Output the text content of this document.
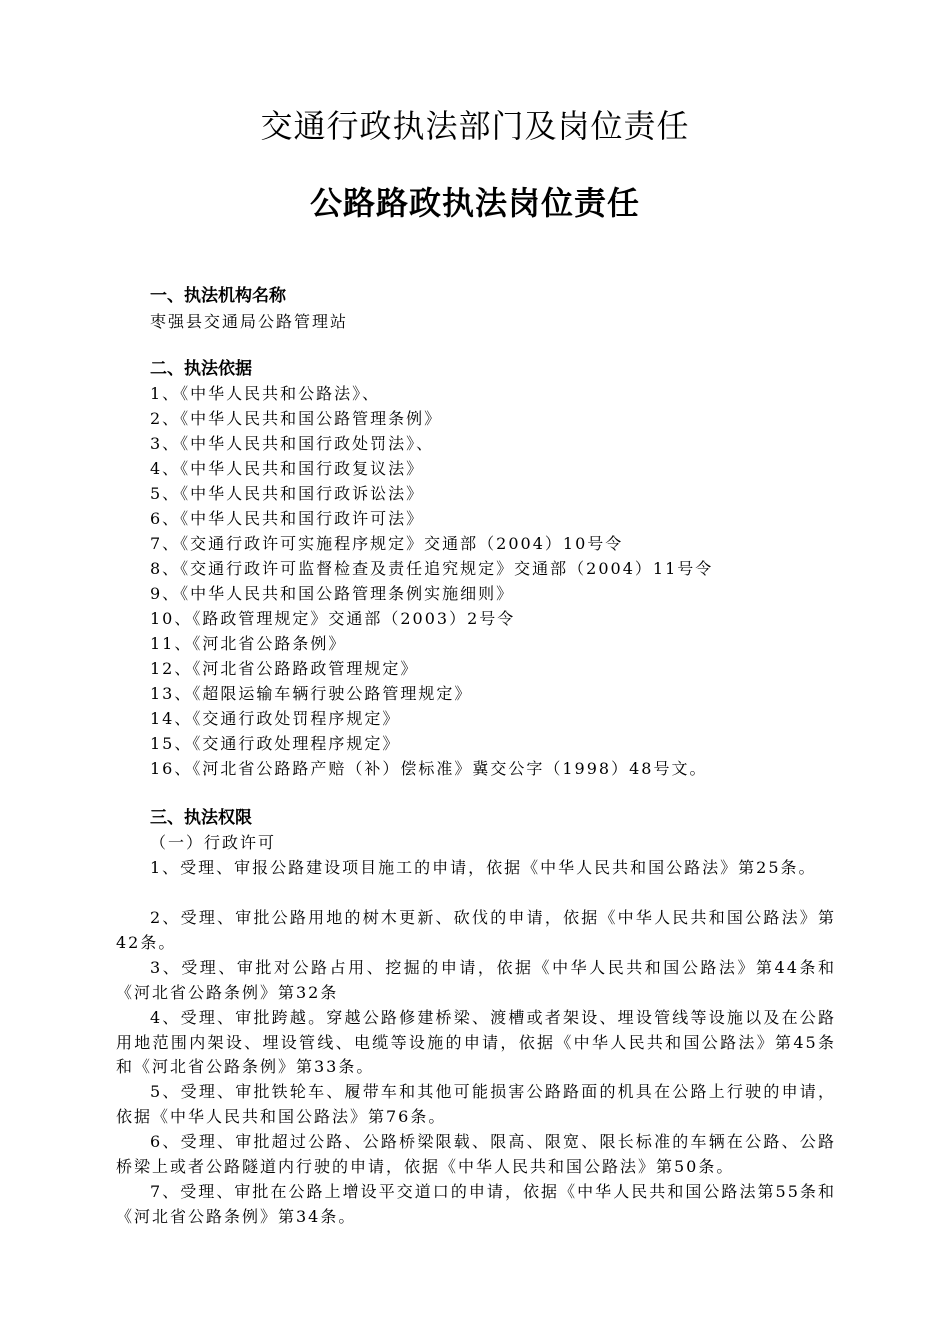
交通行政执法部门及岗位责任
公路路政执法岗位责任
一、执法机构名称
枣强县交通局公路管理站
二、执法依据
1、《中华人民共和公路法》、
2、《中华人民共和国公路管理条例》
3、《中华人民共和国行政处罚法》、
4、《中华人民共和国行政复议法》
5、《中华人民共和国行政诉讼法》
6、《中华人民共和国行政许可法》
7、《交通行政许可实施程序规定》交通部（2004）10号令
8、《交通行政许可监督检查及责任追究规定》交通部（2004）11号令
9、《中华人民共和国公路管理条例实施细则》
10、《路政管理规定》交通部（2003）2号令
11、《河北省公路条例》
12、《河北省公路路政管理规定》
13、《超限运输车辆行驶公路管理规定》
14、《交通行政处罚程序规定》
15、《交通行政处理程序规定》
16、《河北省公路路产赔（补）偿标准》冀交公字（1998）48号文。
三、执法权限
（一）行政许可
1、受理、审报公路建设项目施工的申请，依据《中华人民共和国公路法》第25条。
2、受理、审批公路用地的树木更新、砍伐的申请，依据《中华人民共和国公路法》第42条。
3、受理、审批对公路占用、挖掘的申请，依据《中华人民共和国公路法》第44条和《河北省公路条例》第32条
4、受理、审批跨越。穿越公路修建桥梁、渡槽或者架设、埋设管线等设施以及在公路用地范围内架设、埋设管线、电缆等设施的申请，依据《中华人民共和国公路法》第45条和《河北省公路条例》第33条。
5、受理、审批铁轮车、履带车和其他可能损害公路路面的机具在公路上行驶的申请，依据《中华人民共和国公路法》第76条。
6、受理、审批超过公路、公路桥梁限载、限高、限宽、限长标准的车辆在公路、公路桥梁上或者公路隧道内行驶的申请，依据《中华人民共和国公路法》第50条。
7、受理、审批在公路上增设平交道口的申请，依据《中华人民共和国公路法第55条和《河北省公路条例》第34条。
